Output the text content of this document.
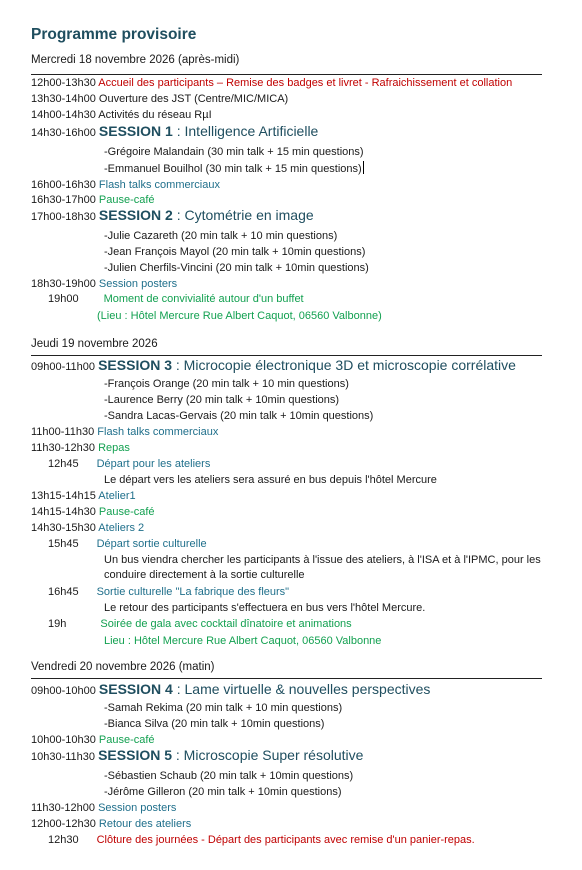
Programme provisoire
Mercredi 18 novembre 2026 (après-midi)
12h00-13h30 Accueil des participants – Remise des badges et livret - Rafraichissement et collation
13h30-14h00 Ouverture des JST (Centre/MIC/MICA)
14h00-14h30 Activités du réseau RµI
14h30-16h00 SESSION 1 : Intelligence Artificielle
-Grégoire Malandain (30 min talk + 15 min questions)
-Emmanuel Bouilhol (30 min talk + 15 min questions)
16h00-16h30 Flash talks commerciaux
16h30-17h00 Pause-café
17h00-18h30 SESSION 2 : Cytométrie en image
-Julie Cazareth (20 min talk + 10 min questions)
-Jean François Mayol (20 min talk + 10min questions)
-Julien Cherfils-Vincini (20 min talk + 10min questions)
18h30-19h00 Session posters
19h00 Moment de convivialité autour d'un buffet
(Lieu : Hôtel Mercure Rue Albert Caquot, 06560 Valbonne)
Jeudi 19 novembre 2026
09h00-11h00 SESSION 3 : Microcopie électronique 3D et microscopie corrélative
-François Orange (20 min talk + 10 min questions)
-Laurence Berry (20 min talk + 10min questions)
-Sandra Lacas-Gervais (20 min talk + 10min questions)
11h00-11h30 Flash talks commerciaux
11h30-12h30 Repas
12h45 Départ pour les ateliers
Le départ vers les ateliers sera assuré en bus depuis l'hôtel Mercure
13h15-14h15 Atelier1
14h15-14h30 Pause-café
14h30-15h30 Ateliers 2
15h45 Départ sortie culturelle
Un bus viendra chercher les participants à l'issue des ateliers, à l'ISA et à l'IPMC, pour les conduire directement à la sortie culturelle
16h45 Sortie culturelle "La fabrique des fleurs"
Le retour des participants s'effectuera en bus vers l'hôtel Mercure.
19h	Soirée de gala avec cocktail dînatoire et animations
Lieu : Hôtel Mercure Rue Albert Caquot, 06560 Valbonne
Vendredi 20 novembre 2026 (matin)
09h00-10h00 SESSION 4 : Lame virtuelle & nouvelles perspectives
-Samah Rekima (20 min talk + 10 min questions)
-Bianca Silva (20 min talk + 10min questions)
10h00-10h30 Pause-café
10h30-11h30 SESSION 5 : Microscopie Super résolutive
-Sébastien Schaub (20 min talk + 10min questions)
-Jérôme Gilleron (20 min talk + 10min questions)
11h30-12h00 Session posters
12h00-12h30 Retour des ateliers
12h30 Clôture des journées - Départ des participants avec remise d'un panier-repas.
